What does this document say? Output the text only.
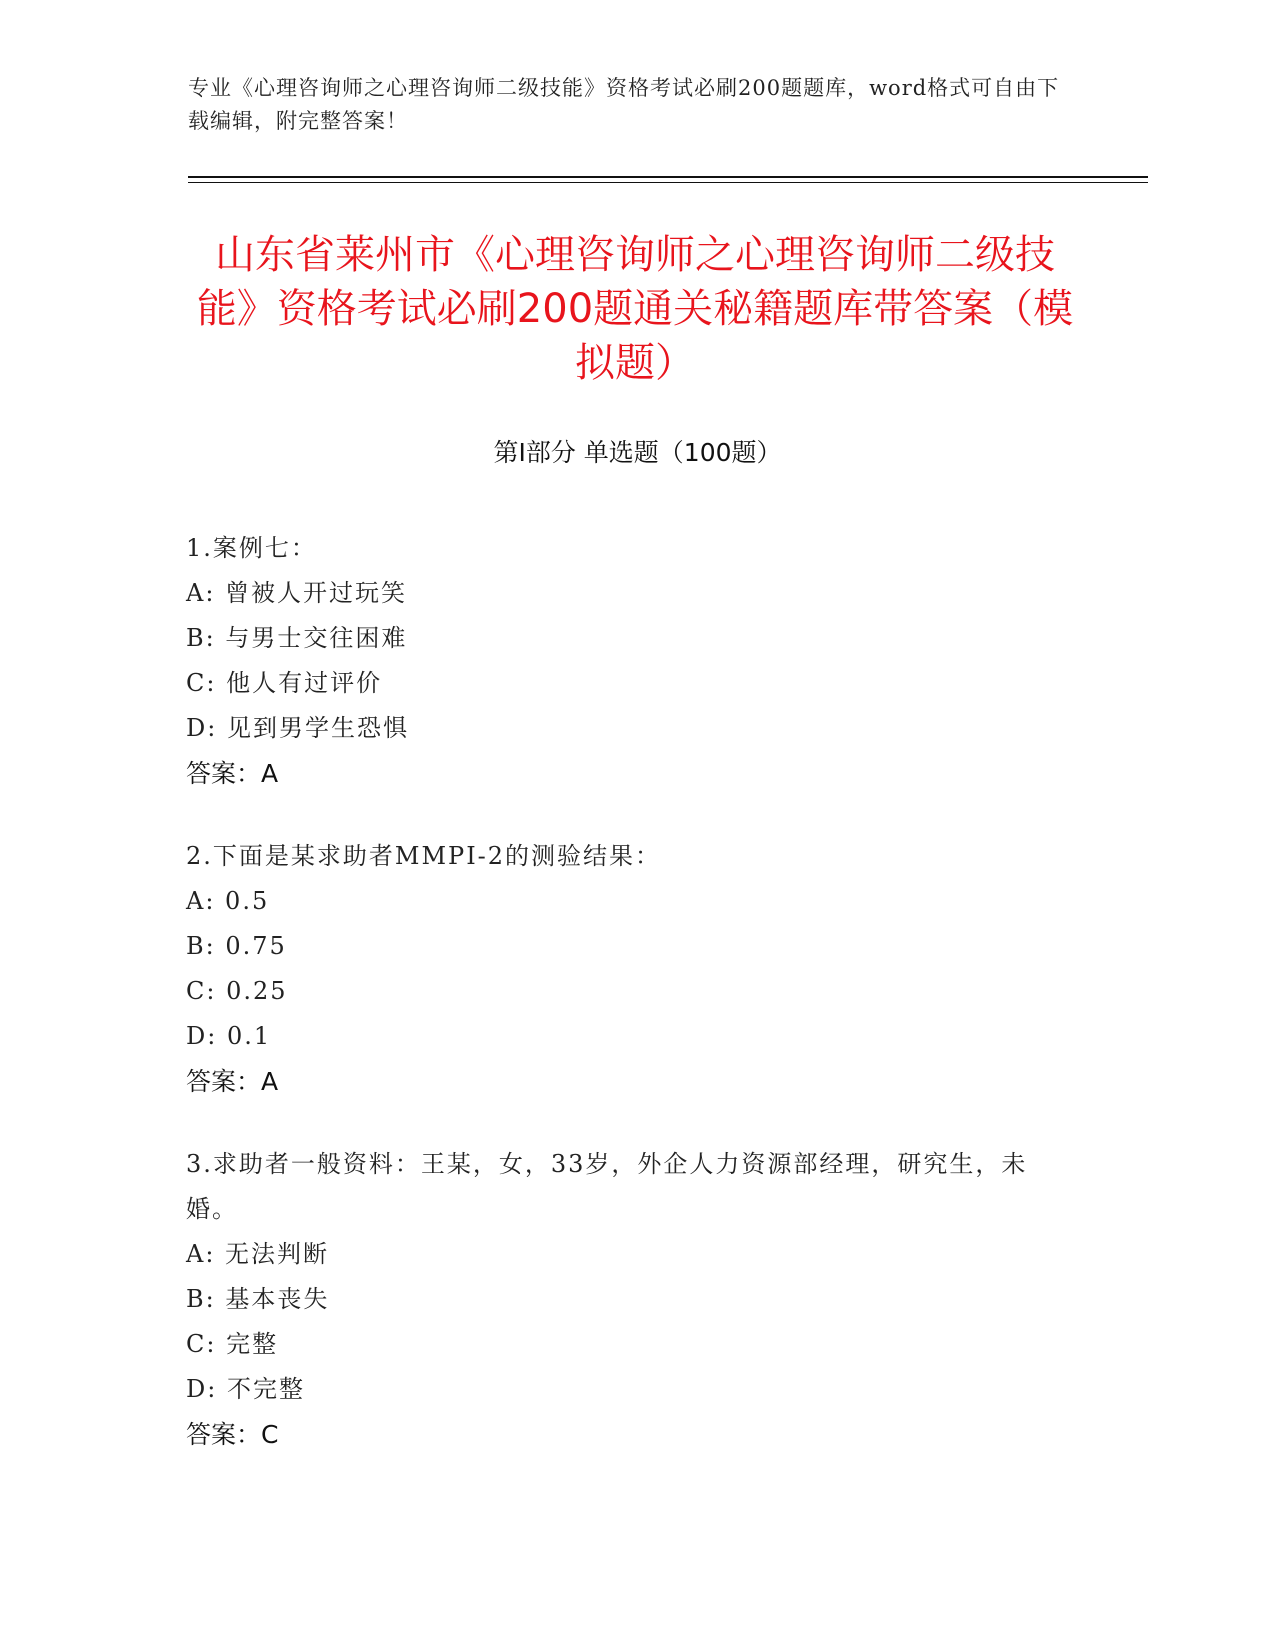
专业《心理咨询师之心理咨询师二级技能》资格考试必刷200题题库，word格式可自由下载编辑，附完整答案！
山东省莱州市《心理咨询师之心理咨询师二级技能》资格考试必刷200题通关秘籍题库带答案（模拟题）
第Ⅰ部分 单选题（100题）
1.案例七：
A: 曾被人开过玩笑
B: 与男士交往困难
C: 他人有过评价
D: 见到男学生恐惧
答案：A
2.下面是某求助者MMPI-2的测验结果：
A: 0.5
B: 0.75
C: 0.25
D: 0.1
答案：A
3.求助者一般资料：王某，女，33岁，外企人力资源部经理，研究生，未婚。
A: 无法判断
B: 基本丧失
C: 完整
D: 不完整
答案：C
